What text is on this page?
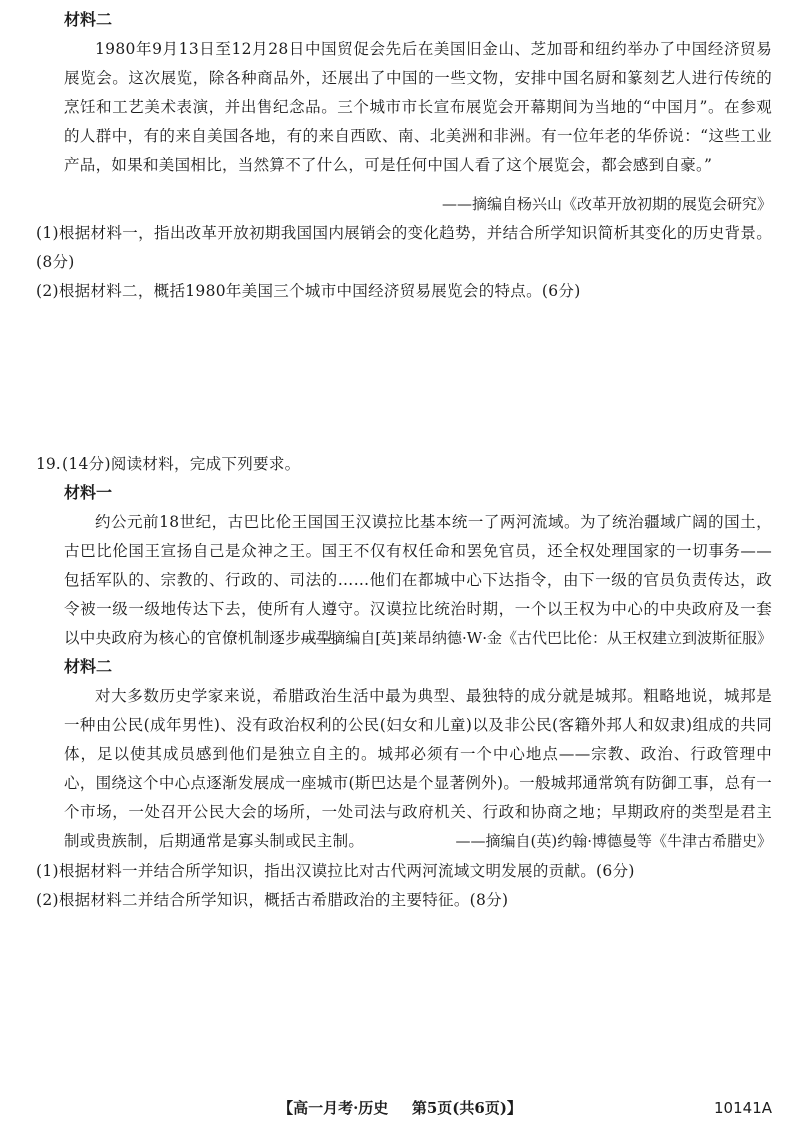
材料二
1980年9月13日至12月28日中国贸促会先后在美国旧金山、芝加哥和纽约举办了中国经济贸易展览会。这次展览，除各种商品外，还展出了中国的一些文物，安排中国名厨和篆刻艺人进行传统的烹饪和工艺美术表演，并出售纪念品。三个城市市长宣布展览会开幕期间为当地的“中国月”。在参观的人群中，有的来自美国各地，有的来自西欧、南、北美洲和非洲。有一位年老的华侨说：“这些工业产品，如果和美国相比，当然算不了什么，可是任何中国人看了这个展览会，都会感到自豪。”
——摘编自杨兴山《改革开放初期的展览会研究》
(1)根据材料一，指出改革开放初期我国国内展销会的变化趋势，并结合所学知识简析其变化的历史背景。(8分)
(2)根据材料二，概括1980年美国三个城市中国经济贸易展览会的特点。(6分)
19. (14分)阅读材料，完成下列要求。
材料一
约公元前18世纪，古巴比伦王国国王汉谟拉比基本统一了两河流域。为了统治疆域广阔的国土，古巴比伦国王宣扬自己是众神之王。国王不仅有权任命和罢免官员，还全权处理国家的一切事务——包括军队的、宗教的、行政的、司法的……他们在都城中心下达指令，由下一级的官员负责传达，政令被一级一级地传达下去，使所有人遵守。汉谟拉比统治时期，一个以王权为中心的中央政府及一套以中央政府为核心的官僚机制逐步成型。
——摘编自[英]莱昂纳德·W·金《古代巴比伦：从王权建立到波斯征服》
材料二
对大多数历史学家来说，希腊政治生活中最为典型、最独特的成分就是城邦。粗略地说，城邦是一种由公民(成年男性)、没有政治权利的公民(妇女和儿童)以及非公民(客籍外邦人和奴隶)组成的共同体，足以使其成员感到他们是独立自主的。城邦必须有一个中心地点——宗教、政治、行政管理中心，围绕这个中心点逐渐发展成一座城市(斯巴达是个显著例外)。一般城邦通常筑有防御工事，总有一个市场，一处召开公民大会的场所，一处司法与政府机关、行政和协商之地；早期政府的类型是君主制或贵族制，后期通常是寡头制或民主制。	——摘编自(英)约翰·博德曼等《牛津古希腊史》
(1)根据材料一并结合所学知识，指出汉谟拉比对古代两河流域文明发展的贡献。(6分)
(2)根据材料二并结合所学知识，概括古希腊政治的主要特征。(8分)
【高一月考·历史 第5页(共6页)】	10141A
